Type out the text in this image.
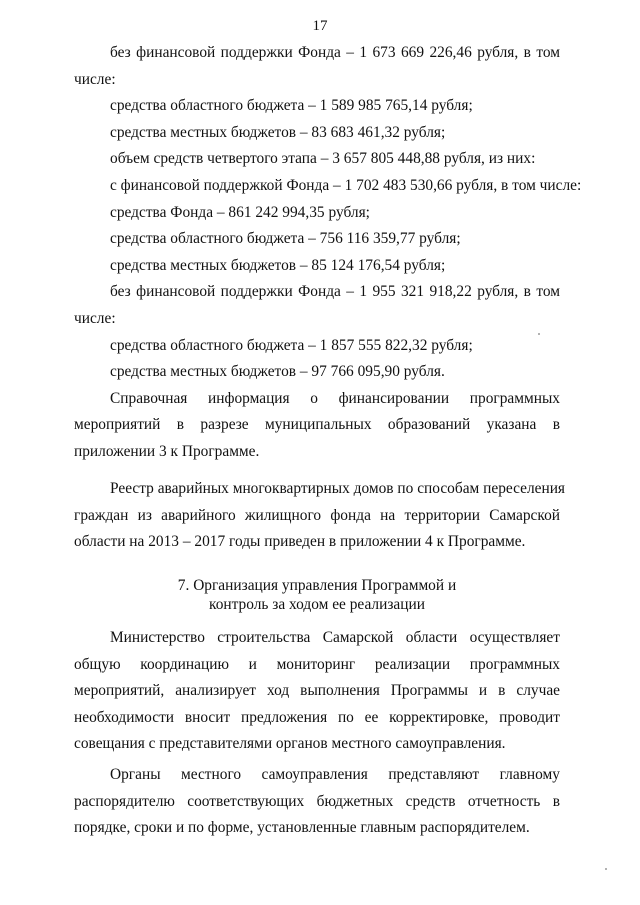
17
без финансовой поддержки Фонда – 1 673 669 226,46 рубля, в том
числе:
средства областного бюджета – 1 589 985 765,14 рубля;
средства местных бюджетов – 83 683 461,32 рубля;
объем средств четвертого этапа – 3 657 805 448,88 рубля, из них:
с финансовой поддержкой Фонда – 1 702 483 530,66 рубля, в том числе:
средства Фонда – 861 242 994,35 рубля;
средства областного бюджета – 756 116 359,77 рубля;
средства местных бюджетов – 85 124 176,54 рубля;
без финансовой поддержки Фонда – 1 955 321 918,22 рубля, в том
числе:
средства областного бюджета – 1 857 555 822,32 рубля;
средства местных бюджетов – 97 766 095,90 рубля.
Справочная информация о финансировании программных
мероприятий в разрезе муниципальных образований указана в
приложении 3 к Программе.
Реестр аварийных многоквартирных домов по способам переселения
граждан из аварийного жилищного фонда на территории Самарской
области на 2013 – 2017 годы приведен в приложении 4 к Программе.
7. Организация управления Программой и
контроль за ходом ее реализации
Министерство строительства Самарской области осуществляет
общую координацию и мониторинг реализации программных
мероприятий, анализирует ход выполнения Программы и в случае
необходимости вносит предложения по ее корректировке, проводит
совещания с представителями органов местного самоуправления.
Органы местного самоуправления представляют главному
распорядителю соответствующих бюджетных средств отчетность в
порядке, сроки и по форме, установленные главным распорядителем.
